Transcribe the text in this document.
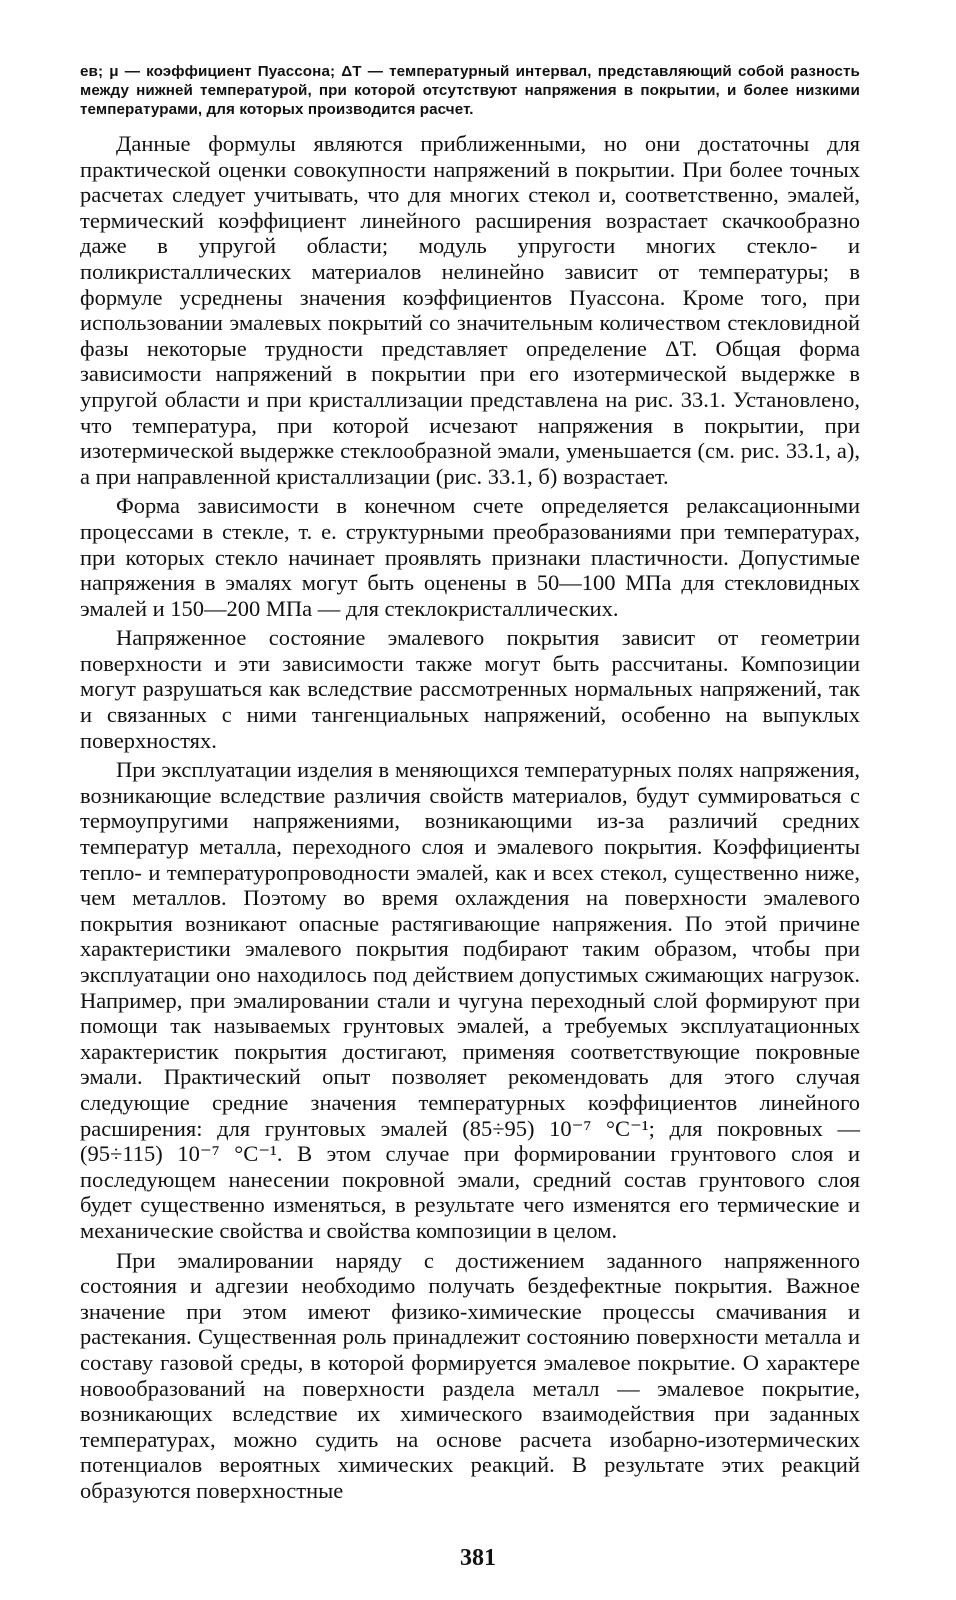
ев; μ — коэффициент Пуассона; ΔT — температурный интервал, представляющий собой разность между нижней температурой, при которой отсутствуют напряжения в покрытии, и более низкими температурами, для которых производится расчет.

Данные формулы являются приближенными, но они достаточны для практической оценки совокупности напряжений в покрытии. При более точных расчетах следует учитывать, что для многих стекол и, соответственно, эмалей, термический коэффициент линейного расширения возрастает скачкообразно даже в упругой области; модуль упругости многих стекло- и поликристаллических материалов нелинейно зависит от температуры; в формуле усреднены значения коэффициентов Пуассона. Кроме того, при использовании эмалевых покрытий со значительным количеством стекловидной фазы некоторые трудности представляет определение ΔT. Общая форма зависимости напряжений в покрытии при его изотермической выдержке в упругой области и при кристаллизации представлена на рис. 33.1. Установлено, что температура, при которой исчезают напряжения в покрытии, при изотермической выдержке стеклообразной эмали, уменьшается (см. рис. 33.1, а), а при направленной кристаллизации (рис. 33.1, б) возрастает.

Форма зависимости в конечном счете определяется релаксационными процессами в стекле, т. е. структурными преобразованиями при температурах, при которых стекло начинает проявлять признаки пластичности. Допустимые напряжения в эмалях могут быть оценены в 50—100 МПа для стекловидных эмалей и 150—200 МПа — для стеклокристаллических.

Напряженное состояние эмалевого покрытия зависит от геометрии поверхности и эти зависимости также могут быть рассчитаны. Композиции могут разрушаться как вследствие рассмотренных нормальных напряжений, так и связанных с ними тангенциальных напряжений, особенно на выпуклых поверхностях.

При эксплуатации изделия в меняющихся температурных полях напряжения, возникающие вследствие различия свойств материалов, будут суммироваться с термоупругими напряжениями, возникающими из-за различий средних температур металла, переходного слоя и эмалевого покрытия. Коэффициенты тепло- и температуропроводности эмалей, как и всех стекол, существенно ниже, чем металлов. Поэтому во время охлаждения на поверхности эмалевого покрытия возникают опасные растягивающие напряжения. По этой причине характеристики эмалевого покрытия подбирают таким образом, чтобы при эксплуатации оно находилось под действием допустимых сжимающих нагрузок. Например, при эмалировании стали и чугуна переходный слой формируют при помощи так называемых грунтовых эмалей, а требуемых эксплуатационных характеристик покрытия достигают, применяя соответствующие покровные эмали. Практический опыт позволяет рекомендовать для этого случая следующие средние значения температурных коэффициентов линейного расширения: для грунтовых эмалей (85÷95) 10⁻⁷ °C⁻¹; для покровных — (95÷115) 10⁻⁷ °C⁻¹. В этом случае при формировании грунтового слоя и последующем нанесении покровной эмали, средний состав грунтового слоя будет существенно изменяться, в результате чего изменятся его термические и механические свойства и свойства композиции в целом.

При эмалировании наряду с достижением заданного напряженного состояния и адгезии необходимо получать бездефектные покрытия. Важное значение при этом имеют физико-химические процессы смачивания и растекания. Существенная роль принадлежит состоянию поверхности металла и составу газовой среды, в которой формируется эмалевое покрытие. О характере новообразований на поверхности раздела металл — эмалевое покрытие, возникающих вследствие их химического взаимодействия при заданных температурах, можно судить на основе расчета изобарно-изотермических потенциалов вероятных химических реакций. В результате этих реакций образуются поверхностные

381
